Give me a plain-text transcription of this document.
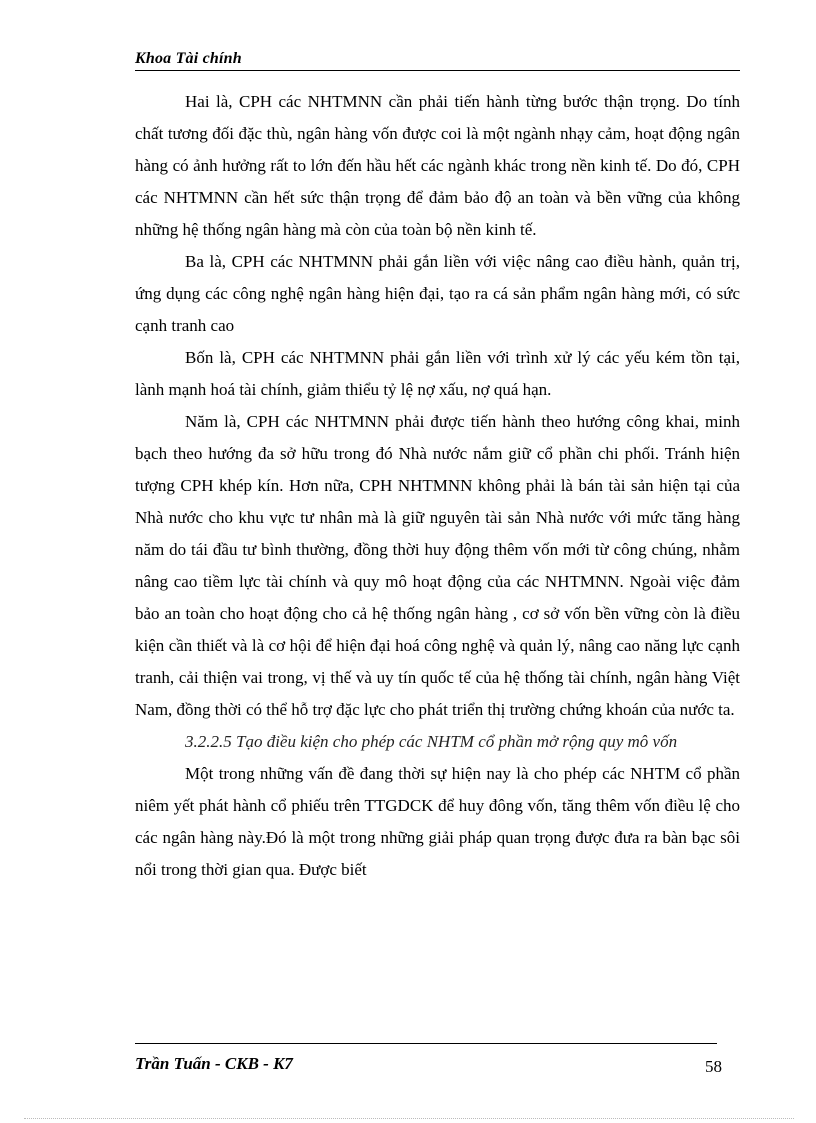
Khoa Tài chính

Hai là, CPH các NHTMNN cần phải tiến hành từng bước thận trọng. Do tính chất tương đối đặc thù, ngân hàng vốn được coi là một ngành nhạy cảm, hoạt động ngân hàng có ảnh hưởng rất to lớn đến hầu hết các ngành khác trong nền kinh tế. Do đó, CPH các NHTMNN cần hết sức thận trọng để đảm bảo độ an toàn và bền vững của không những hệ thống ngân hàng mà còn của toàn bộ nền kinh tế.

Ba là, CPH các NHTMNN phải gắn liền với việc nâng cao điều hành, quản trị, ứng dụng các công nghệ ngân hàng hiện đại, tạo ra cá sản phẩm ngân hàng mới, có sức cạnh tranh cao

Bốn là, CPH các NHTMNN phải gắn liền với trình xử lý các yếu kém tồn tại, lành mạnh hoá tài chính, giảm thiểu tỷ lệ nợ xấu, nợ quá hạn.

Năm là, CPH các NHTMNN phải được tiến hành theo hướng công khai, minh bạch theo hướng đa sở hữu trong đó Nhà nước nắm giữ cổ phần chi phối. Tránh hiện tượng CPH khép kín. Hơn nữa, CPH NHTMNN không phải là bán tài sản hiện tại của Nhà nước cho khu vực tư nhân mà là giữ nguyên tài sản Nhà nước với mức tăng hàng năm do tái đầu tư bình thường, đồng thời huy động thêm vốn mới từ công chúng, nhằm nâng cao tiềm lực tài chính và quy mô hoạt động của các NHTMNN. Ngoài việc đảm bảo an toàn cho hoạt động cho cả hệ thống ngân hàng , cơ sở vốn bền vững còn là điều kiện cần thiết và là cơ hội để hiện đại hoá công nghệ và quản lý, nâng cao năng lực cạnh tranh, cải thiện vai trong, vị thế và uy tín quốc tế của hệ thống tài chính, ngân hàng Việt Nam, đồng thời có thể hỗ trợ đặc lực cho phát triển thị trường chứng khoán của nước ta.

3.2.2.5 Tạo điều kiện cho phép các NHTM cổ phần mở rộng quy mô vốn

Một trong những vấn đề đang thời sự hiện nay là cho phép các NHTM cổ phần niêm yết phát hành cổ phiếu trên TTGDCK để huy đông vốn, tăng thêm vốn điều lệ cho các ngân hàng này.Đó là một trong những giải pháp quan trọng được đưa ra bàn bạc sôi nổi trong thời gian qua. Được biết

Trần Tuấn - CKB - K7	58
